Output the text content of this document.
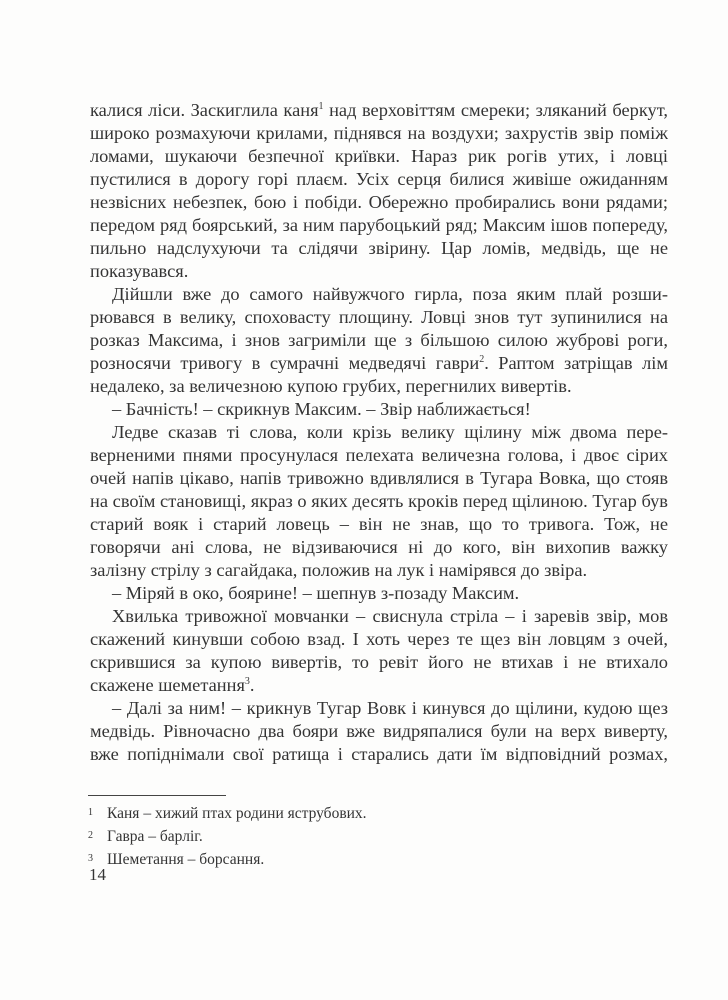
калися ліси. Заскиглила каня$^1$ над верховіттям смереки; зляканий беркут, широко розмахуючи крилами, піднявся на воздухи; захрустів звір поміж ломами, шукаючи безпечної криївки. Нараз рик рогів утих, і ловці пустилися в дорогу горі плаєм. Усіх серця билися живіше ожиданням незвісних небезпек, бою і побіди. Обережно пробирались вони рядами; передом ряд боярський, за ним парубоцький ряд; Максим ішов попереду, пильно надслухуючи та слідячи звірину. Цар ломів, медвідь, ще не показувався.

Дійшли вже до самого найвужчого гирла, поза яким плай розширювався в велику, споховасту площину. Ловці знов тут зупинилися на розказ Максима, і знов загриміли ще з більшою силою жуброві роги, розносячи тривогу в сумрачні медведячі гаври$^2$. Раптом затріщав лім недалеко, за величезною купою грубих, перегнилих вивертів.

– Бачність! – скрикнув Максим. – Звір наближається!

Ледве сказав ті слова, коли крізь велику щілину між двома переверненими пнями просунулася пелехата величезна голова, і двоє сірих очей напів цікаво, напів тривожно вдивлялися в Тугара Вовка, що стояв на своїм становищі, якраз о яких десять кроків перед щілиною. Тугар був старий вояк і старий ловець – він не знав, що то тривога. Тож, не говорячи ані слова, не відзиваючися ні до кого, він вихопив важку залізну стрілу з сагайдака, положив на лук і намірявся до звіра.

– Міряй в око, боярине! – шепнув з-позаду Максим.

Хвилька тривожної мовчанки – свиснула стріла – і заревів звір, мов скажений кинувши собою взад. І хоть через те щез він ловцям з очей, скрившися за купою вивертів, то ревіт його не втихав і не втихало скажене шеметання$^3$.

– Далі за ним! – крикнув Тугар Вовк і кинувся до щілини, кудою щез медвідь. Рівночасно два бояри вже видряпалися були на верх виверту, вже попіднімали свої ратища і старались дати їм відповідний розмах,

1 Каня – хижий птах родини яструбових.
2 Гавра – барліг.
3 Шеметання – борсання.
14
